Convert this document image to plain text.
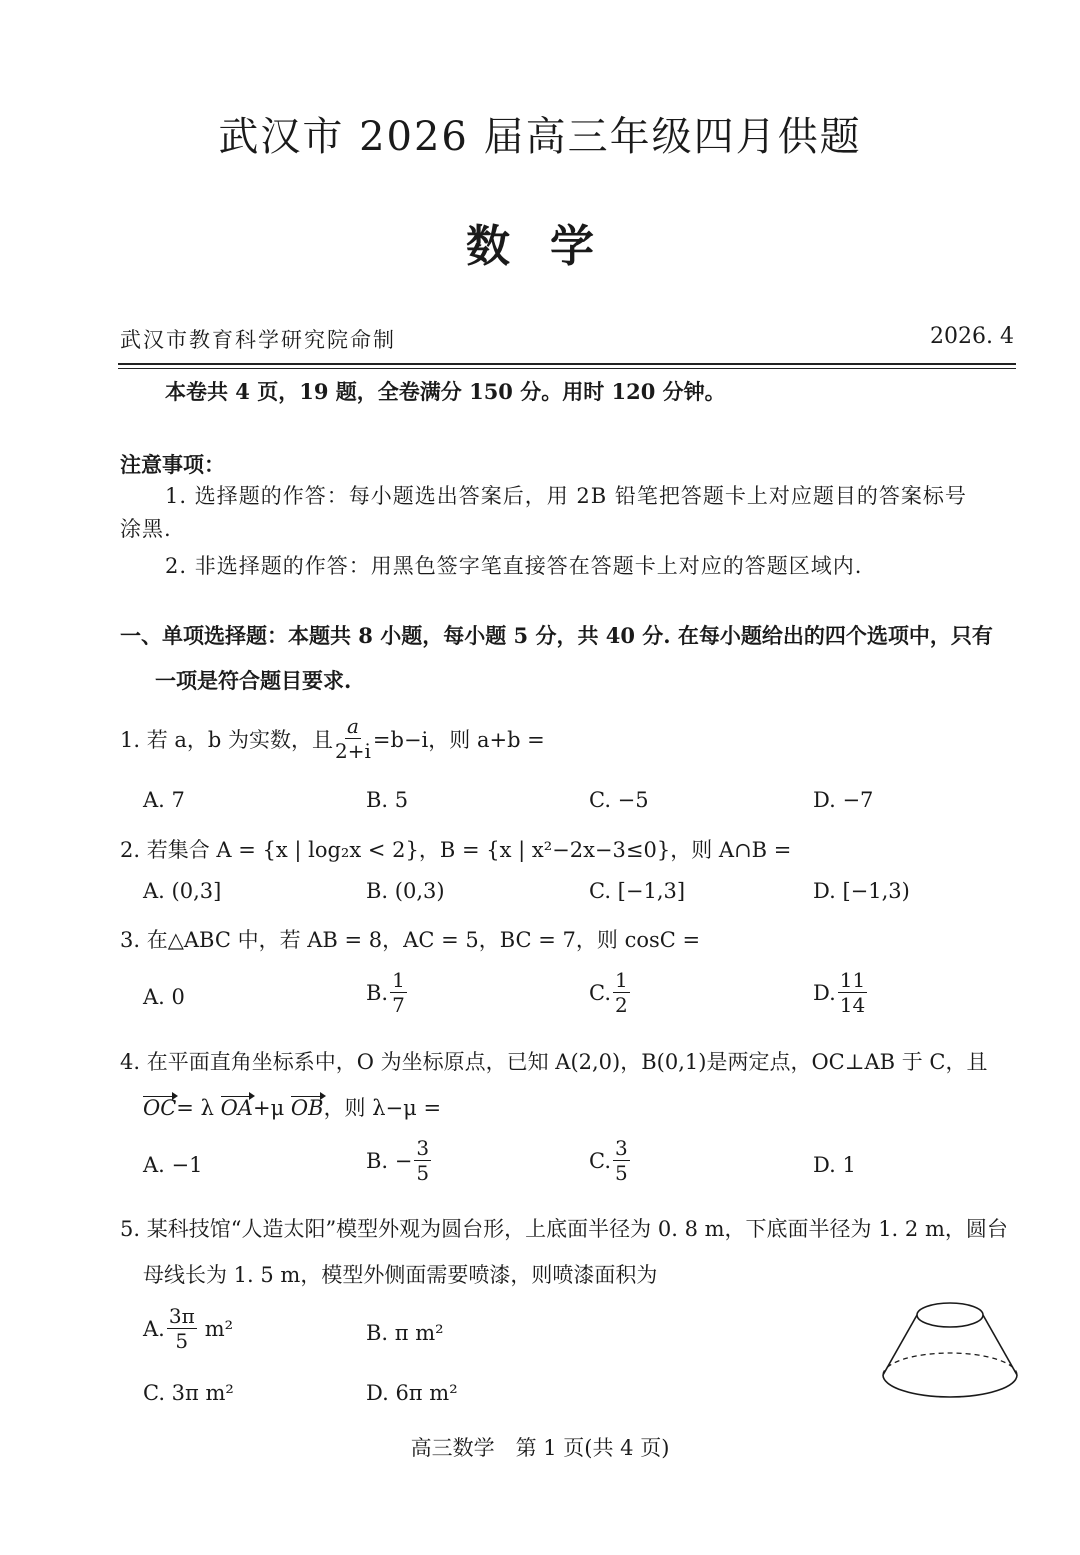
武汉市 2026 届高三年级四月供题
数学
武汉市教育科学研究院命制	2026. 4
本卷共 4 页，19 题，全卷满分 150 分。用时 120 分钟。
注意事项：
1. 选择题的作答：每小题选出答案后，用 2B 铅笔把答题卡上对应题目的答案标号
涂黑.
2. 非选择题的作答：用黑色签字笔直接答在答题卡上对应的答题区域内.
一、单项选择题：本题共 8 小题，每小题 5 分，共 40 分. 在每小题给出的四个选项中，只有
一项是符合题目要求.
1. 若 a，b 为实数，且 $\frac{a}{2+i} =b-i$，则 a+b =
A. 7	B. 5	C. −5	D. −7
2. 若集合 A = {x | log₂x < 2}，B = {x | x²−2x−3≤0}，则 A∩B =
A. (0,3]	B. (0,3)	C. [−1,3]	D. [−1,3)
3. 在△ABC 中，若 AB = 8，AC = 5，BC = 7，则 cosC =
A. 0	B. $\frac{1}{7}$	C. $\frac{1}{2}$	D. $\frac{11}{14}$
4. 在平面直角坐标系中，O 为坐标原点，已知 A(2,0)，B(0,1)是两定点，OC⊥AB 于 C，且
OC= λ OA+μ OB，则 λ−μ =
A. −1	B. − $\frac{3}{5}$	C. $\frac{3}{5}$	D. 1
5. 某科技馆“人造太阳”模型外观为圆台形，上底面半径为 0. 8 m，下底面半径为 1. 2 m，圆台
母线长为 1. 5 m，模型外侧面需要喷漆，则喷漆面积为
A. $\frac{3\pi}{5} m^2$	B. π m²
C. 3π m²	D. 6π m²
高三数学　第 1 页(共 4 页)
